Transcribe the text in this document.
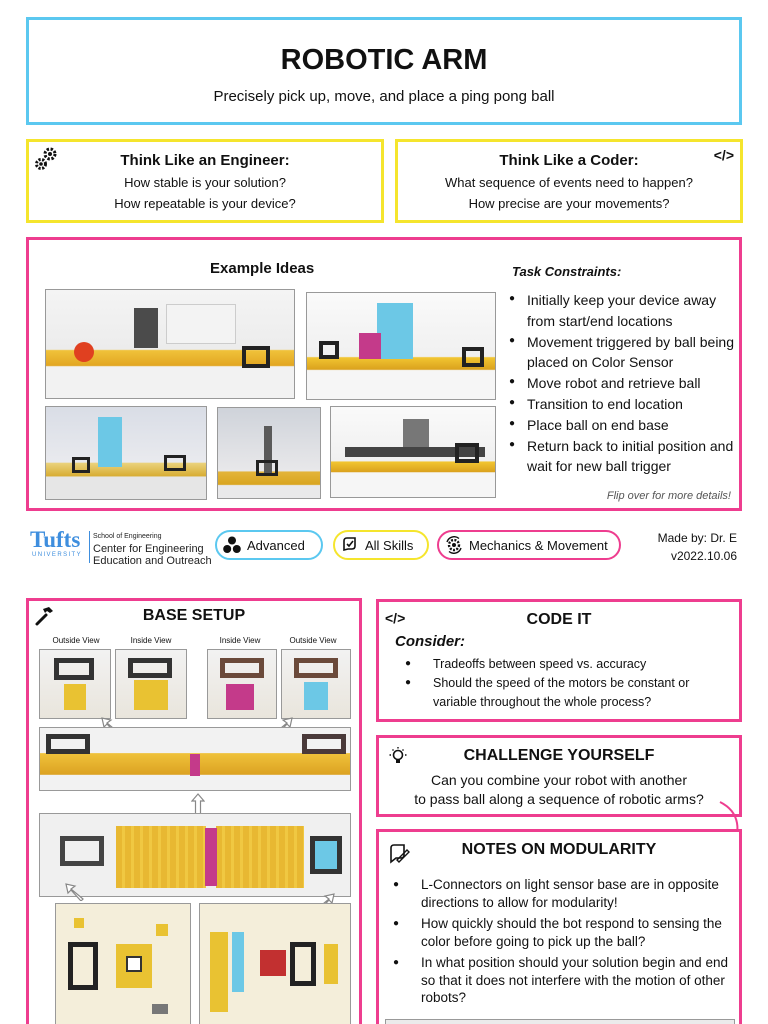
ROBOTIC ARM
Precisely pick up, move, and place a ping pong ball
Think Like an Engineer:
How stable is your solution?
How repeatable is your device?
</>
Think Like a Coder:
What sequence of events need to happen?
How precise are your movements?
Example Ideas	Task Constraints:
● Initially keep your device away from start/end locations
● Movement triggered by ball being placed on Color Sensor
● Move robot and retrieve ball
● Transition to end location
● Place ball on end base
● Return back to initial position and wait for new ball trigger
Flip over for more details!
Tufts
UNIVERSITY
School of Engineering
Center for Engineering
Education and Outreach
Advanced	All Skills	Mechanics & Movement	Made by: Dr. E
v2022.10.06
BASE SETUP
Outside View	Inside View	Inside View	Outside View
</>	CODE IT
Consider:
● Tradeoffs between speed vs. accuracy
● Should the speed of the motors be constant or variable throughout the whole process?
CHALLENGE YOURSELF
Can you combine your robot with another
to pass ball along a sequence of robotic arms?
NOTES ON MODULARITY
● L-Connectors on light sensor base are in opposite directions to allow for modularity!
● How quickly should the bot respond to sensing the color before going to pick up the ball?
● In what position should your solution begin and end so that it does not interfere with the motion of other robots?
